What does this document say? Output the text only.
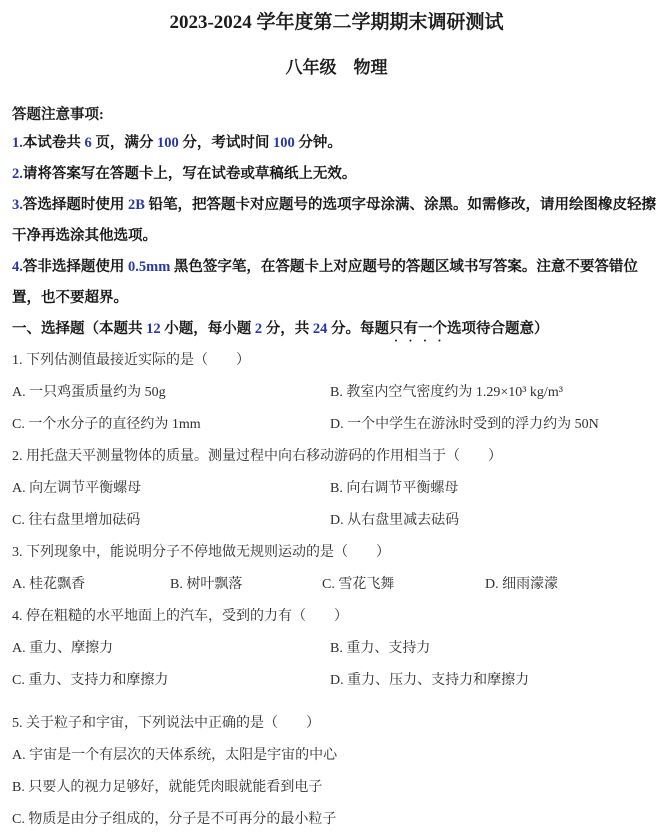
2023-2024 学年度第二学期期末调研测试
八年级　物理
答题注意事项:
1.本试卷共 6 页，满分 100 分，考试时间 100 分钟。
2.请将答案写在答题卡上，写在试卷或草稿纸上无效。
3.答选择题时使用 2B 铅笔，把答题卡对应题号的选项字母涂满、涂黑。如需修改，请用绘图橡皮轻擦干净再选涂其他选项。
4.答非选择题使用 0.5mm 黑色签字笔，在答题卡上对应题号的答题区域书写答案。注意不要答错位置，也不要超界。
一、选择题（本题共 12 小题，每小题 2 分，共 24 分。每题只有一个选项待合题意）
1. 下列估测值最接近实际的是（　　）
A. 一只鸡蛋质量约为 50g	B. 教室内空气密度约为 1.29×10³ kg/m³
C. 一个水分子的直径约为 1mm	D. 一个中学生在游泳时受到的浮力约为 50N
2. 用托盘天平测量物体的质量。测量过程中向右移动游码的作用相当于（　　）
A. 向左调节平衡螺母	B. 向右调节平衡螺母
C. 往右盘里增加砝码	D. 从右盘里减去砝码
3. 下列现象中，能说明分子不停地做无规则运动的是（　　）
A. 桂花飘香	B. 树叶飘落	C. 雪花飞舞	D. 细雨濛濛
4. 停在粗糙的水平地面上的汽车，受到的力有（　　）
A. 重力、摩擦力	B. 重力、支持力
C. 重力、支持力和摩擦力	D. 重力、压力、支持力和摩擦力
5. 关于粒子和宇宙，下列说法中正确的是（　　）
A. 宇宙是一个有层次的天体系统，太阳是宇宙的中心
B. 只要人的视力足够好，就能凭肉眼就能看到电子
C. 物质是由分子组成的，分子是不可再分的最小粒子
